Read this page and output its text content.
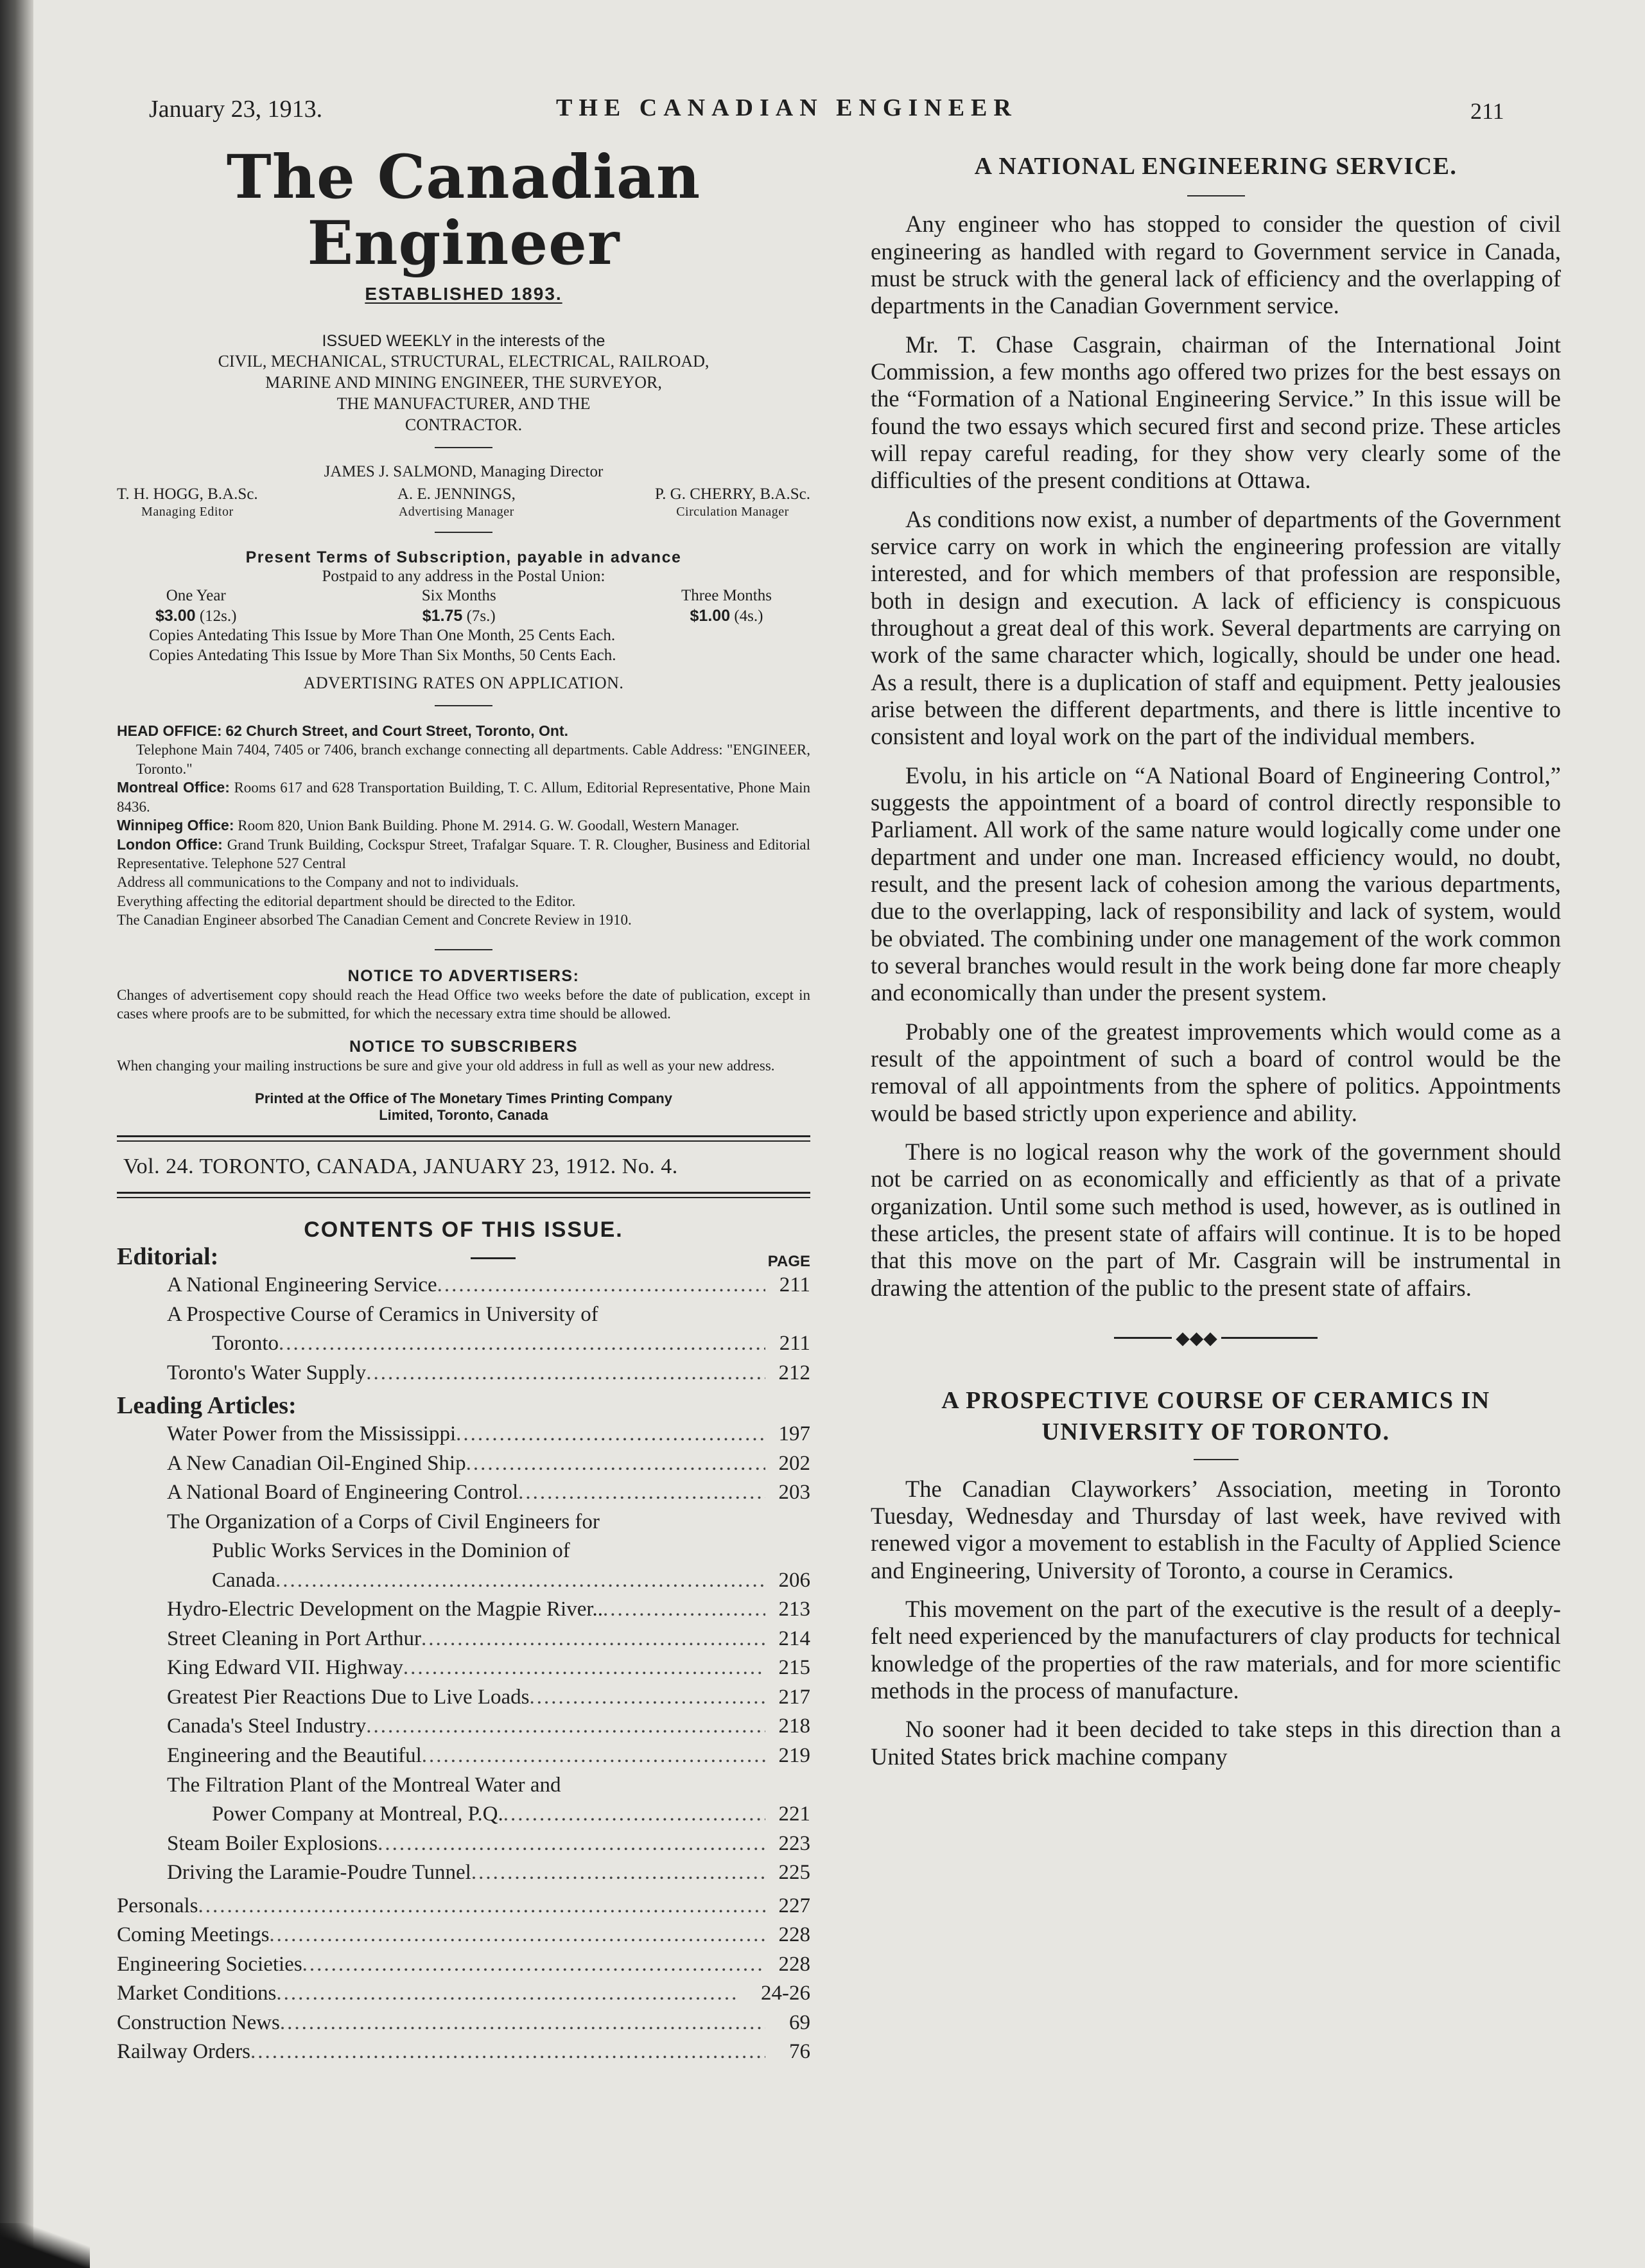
January 23, 1913.	THE CANADIAN ENGINEER	211
The Canadian Engineer
ESTABLISHED 1893.
ISSUED WEEKLY in the interests of the
CIVIL, MECHANICAL, STRUCTURAL, ELECTRICAL, RAILROAD,
MARINE AND MINING ENGINEER, THE SURVEYOR,
THE MANUFACTURER, AND THE
CONTRACTOR.
JAMES J. SALMOND, Managing Director
T. H. HOGG, B.A.Sc.
Managing Editor
A. E. JENNINGS,
Advertising Manager
P. G. CHERRY, B.A.Sc.
Circulation Manager
Present Terms of Subscription, payable in advance
Postpaid to any address in the Postal Union:
One Year
$3.00 (12s.)
Six Months
$1.75 (7s.)
Three Months
$1.00 (4s.)
Copies Antedating This Issue by More Than One Month, 25 Cents Each.
Copies Antedating This Issue by More Than Six Months, 50 Cents Each.
ADVERTISING RATES ON APPLICATION.
HEAD OFFICE: 62 Church Street, and Court Street, Toronto, Ont.
Telephone Main 7404, 7405 or 7406, branch exchange connecting all departments. Cable Address: "ENGINEER, Toronto."
Montreal Office: Rooms 617 and 628 Transportation Building, T. C. Allum, Editorial Representative, Phone Main 8436.
Winnipeg Office: Room 820, Union Bank Building. Phone M. 2914. G. W. Goodall, Western Manager.
London Office: Grand Trunk Building, Cockspur Street, Trafalgar Square. T. R. Clougher, Business and Editorial Representative. Telephone 527 Central
Address all communications to the Company and not to individuals.
Everything affecting the editorial department should be directed to the Editor.
The Canadian Engineer absorbed The Canadian Cement and Concrete Review in 1910.
NOTICE TO ADVERTISERS:
Changes of advertisement copy should reach the Head Office two weeks before the date of publication, except in cases where proofs are to be submitted, for which the necessary extra time should be allowed.
NOTICE TO SUBSCRIBERS
When changing your mailing instructions be sure and give your old address in full as well as your new address.
Printed at the Office of The Monetary Times Printing Company
Limited, Toronto, Canada
Vol. 24. TORONTO, CANADA, JANUARY 23, 1912. No. 4.
CONTENTS OF THIS ISSUE.
Editorial:	PAGE
A National Engineering Service .....	211
A Prospective Course of Ceramics in University of
Toronto .....	211
Toronto's Water Supply .....	212
Leading Articles:
Water Power from the Mississippi .....	197
A New Canadian Oil-Engined Ship .....	202
A National Board of Engineering Control .....	203
The Organization of a Corps of Civil Engineers for
Public Works Services in the Dominion of
Canada .....	206
Hydro-Electric Development on the Magpie River.. .....	213
Street Cleaning in Port Arthur .....	214
King Edward VII. Highway .....	215
Greatest Pier Reactions Due to Live Loads .....	217
Canada's Steel Industry .....	218
Engineering and the Beautiful .....	219
The Filtration Plant of the Montreal Water and
Power Company at Montreal, P.Q. .....	221
Steam Boiler Explosions .....	223
Driving the Laramie-Poudre Tunnel .....	225
Personals .....	227
Coming Meetings .....	228
Engineering Societies .....	228
Market Conditions .....	24-26
Construction News .....	69
Railway Orders .....	76
A NATIONAL ENGINEERING SERVICE.

Any engineer who has stopped to consider the question of civil engineering as handled with regard to Government service in Canada, must be struck with the general lack of efficiency and the overlapping of departments in the Canadian Government service.

Mr. T. Chase Casgrain, chairman of the International Joint Commission, a few months ago offered two prizes for the best essays on the “Formation of a National Engineering Service.” In this issue will be found the two essays which secured first and second prize. These articles will repay careful reading, for they show very clearly some of the difficulties of the present conditions at Ottawa.

As conditions now exist, a number of departments of the Government service carry on work in which the engineering profession are vitally interested, and for which members of that profession are responsible, both in design and execution. A lack of efficiency is conspicuous throughout a great deal of this work. Several departments are carrying on work of the same character which, logically, should be under one head. As a result, there is a duplication of staff and equipment. Petty jealousies arise between the different departments, and there is little incentive to consistent and loyal work on the part of the individual members.

Evolu, in his article on “A National Board of Engineering Control,” suggests the appointment of a board of control directly responsible to Parliament. All work of the same nature would logically come under one department and under one man. Increased efficiency would, no doubt, result, and the present lack of cohesion among the various departments, due to the overlapping, lack of responsibility and lack of system, would be obviated. The combining under one management of the work common to several branches would result in the work being done far more cheaply and economically than under the present system.

Probably one of the greatest improvements which would come as a result of the appointment of such a board of control would be the removal of all appointments from the sphere of politics. Appointments would be based strictly upon experience and ability.

There is no logical reason why the work of the government should not be carried on as economically and efficiently as that of a private organization. Until some such method is used, however, as is outlined in these articles, the present state of affairs will continue. It is to be hoped that this move on the part of Mr. Casgrain will be instrumental in drawing the attention of the public to the present state of affairs.

◆◆◆
A PROSPECTIVE COURSE OF CERAMICS IN
UNIVERSITY OF TORONTO.

The Canadian Clayworkers’ Association, meeting in Toronto Tuesday, Wednesday and Thursday of last week, have revived with renewed vigor a movement to establish in the Faculty of Applied Science and Engineering, University of Toronto, a course in Ceramics.

This movement on the part of the executive is the result of a deeply-felt need experienced by the manufacturers of clay products for technical knowledge of the properties of the raw materials, and for more scientific methods in the process of manufacture.

No sooner had it been decided to take steps in this direction than a United States brick machine company
